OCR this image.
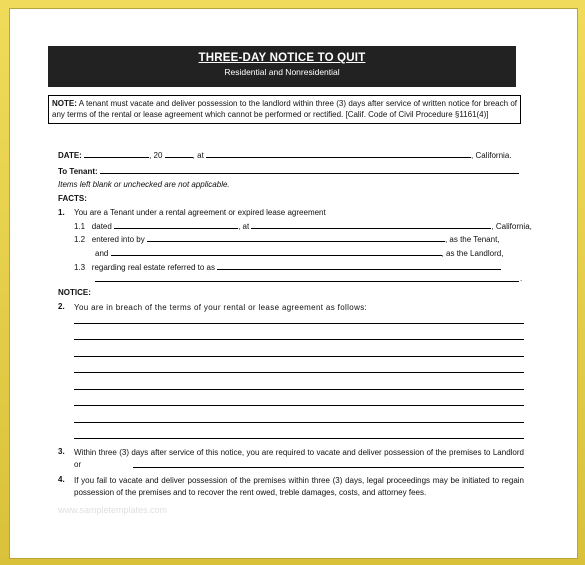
THREE-DAY NOTICE TO QUIT
Residential and Nonresidential
NOTE: A tenant must vacate and deliver possession to the landlord within three (3) days after service of written notice for breach of any terms of the rental or lease agreement which cannot be performed or rectified. [Calif. Code of Civil Procedure §1161(4)]
DATE:	, 20	, at	, California.
To Tenant:
Items left blank or unchecked are not applicable.
FACTS:
1. You are a Tenant under a rental agreement or expired lease agreement
1.1 dated	, at	, California,
1.2 entered into by	, as the Tenant,
and	, as the Landlord,
1.3 regarding real estate referred to as
.
NOTICE:
2. You are in breach of the terms of your rental or lease agreement as follows:
3. Within three (3) days after service of this notice, you are required to vacate and deliver possession of the premises to Landlord or
4. If you fail to vacate and deliver possession of the premises within three (3) days, legal proceedings may be initiated to regain possession of the premises and to recover the rent owed, treble damages, costs, and attorney fees.
www.sampletemplates.com
